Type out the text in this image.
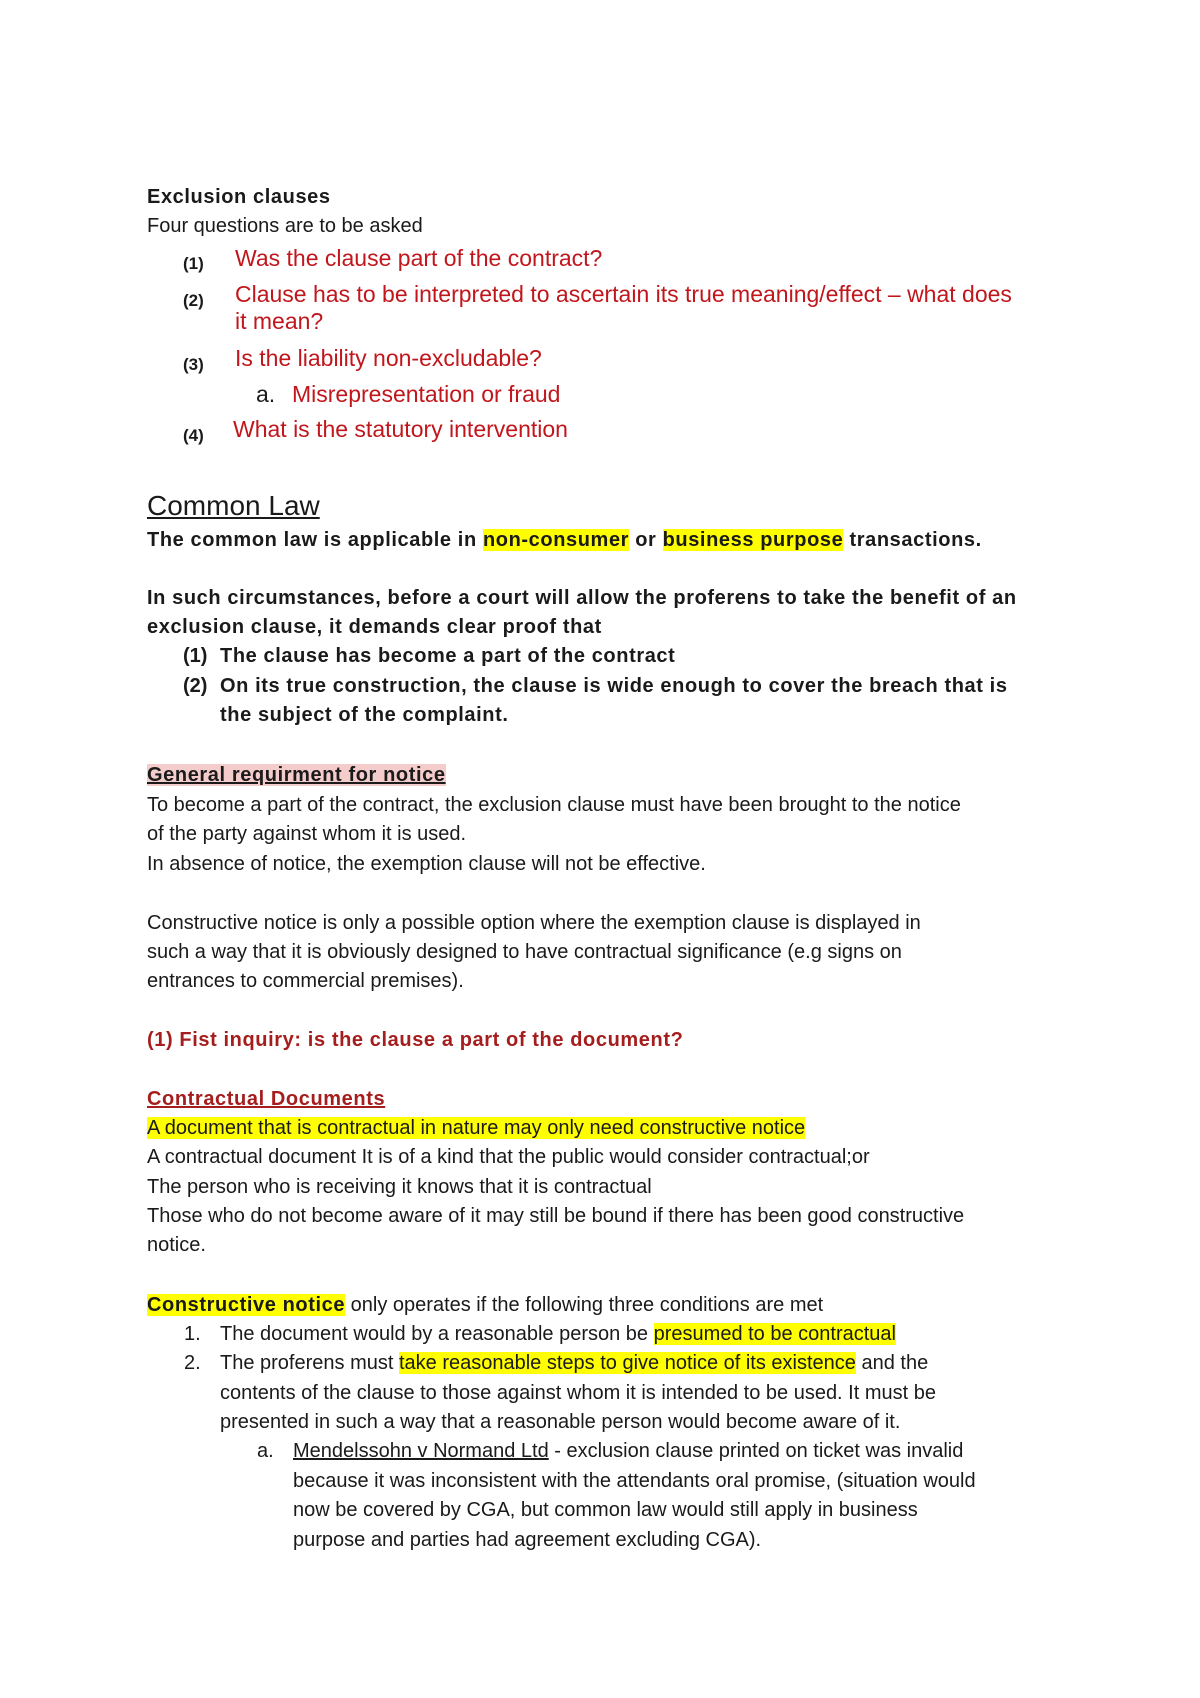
Exclusion clauses
Four questions are to be asked
(1) Was the clause part of the contract?
(2) Clause has to be interpreted to ascertain its true meaning/effect – what does
it mean?
(3) Is the liability non-excludable?
a. Misrepresentation or fraud
(4) What is the statutory intervention
Common Law
The common law is applicable in non-consumer or business purpose transactions.
In such circumstances, before a court will allow the proferens to take the benefit of an
exclusion clause, it demands clear proof that
(1) The clause has become a part of the contract
(2) On its true construction, the clause is wide enough to cover the breach that is
the subject of the complaint.
General requirment for notice
To become a part of the contract, the exclusion clause must have been brought to the notice
of the party against whom it is used.
In absence of notice, the exemption clause will not be effective.
Constructive notice is only a possible option where the exemption clause is displayed in
such a way that it is obviously designed to have contractual significance (e.g signs on
entrances to commercial premises).
(1) Fist inquiry: is the clause a part of the document?
Contractual Documents
A document that is contractual in nature may only need constructive notice
A contractual document It is of a kind that the public would consider contractual;or
The person who is receiving it knows that it is contractual
Those who do not become aware of it may still be bound if there has been good constructive
notice.
Constructive notice only operates if the following three conditions are met
1. The document would by a reasonable person be presumed to be contractual
2. The proferens must take reasonable steps to give notice of its existence and the
contents of the clause to those against whom it is intended to be used. It must be
presented in such a way that a reasonable person would become aware of it.
a. Mendelssohn v Normand Ltd - exclusion clause printed on ticket was invalid
because it was inconsistent with the attendants oral promise, (situation would
now be covered by CGA, but common law would still apply in business
purpose and parties had agreement excluding CGA).
